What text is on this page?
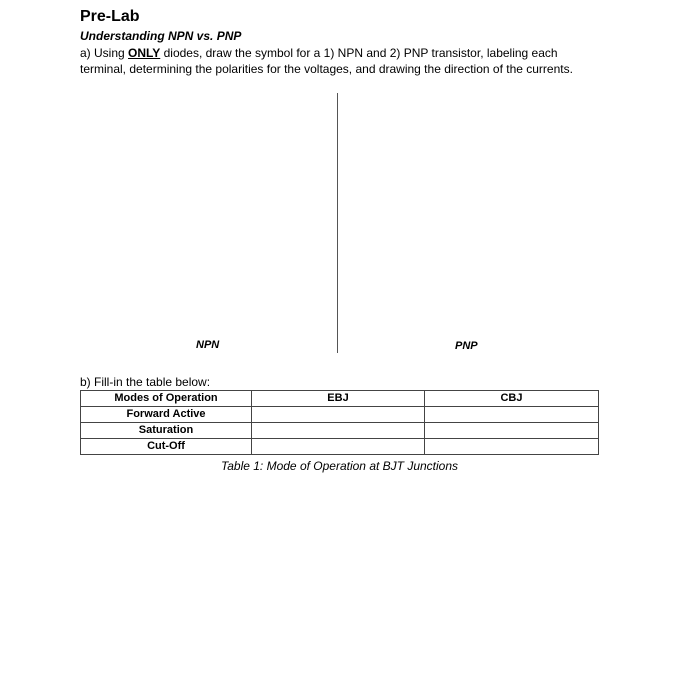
Pre-Lab
Understanding NPN vs. PNP
a) Using ONLY diodes, draw the symbol for a 1) NPN and 2) PNP transistor, labeling each terminal, determining the polarities for the voltages, and drawing the direction of the currents.
NPN	PNP
b) Fill-in the table below:
Modes of Operation	EBJ	CBJ
Forward Active		
Saturation		
Cut-Off		
Table 1: Mode of Operation at BJT Junctions
